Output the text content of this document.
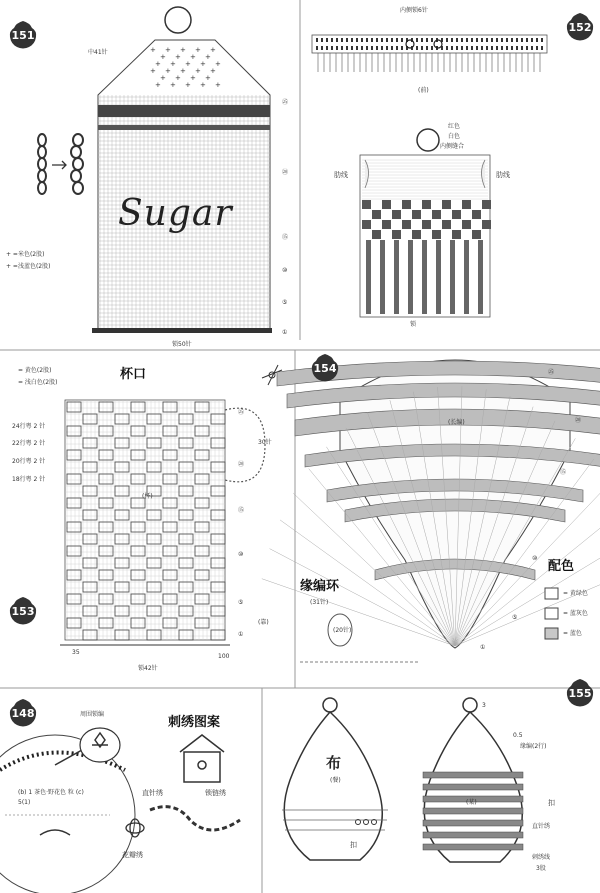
+ + + + +
+ + + +
+ + + + +
+ + + + +
+ + + +
+ + + + +
151
152
153
154
155
148
中41针
Sugar
+ =米色(2股)
+ =浅蓝色(2股)
锁50针
㉕
⑳
⑮
⑩
⑤
①
内侧锁6针
(前)
红色
白色
内侧缝合
肋线	肋线
锁
杯口
= 黄色(2股)
= 浅白色(2股)
24行粤 2 针
22行粤 2 针
20行粤 2 针
18行粤 2 针
30针
(杯)
锁42针
(靠)
35
100
㉕
⑳
⑮
⑩
⑤
①
(长编)
㉕
⑳
⑮
⑩
⑤
①
缘编环
(31针)
(20针)
配色
= 黄绿色
= 蓝灰色
= 蓝色
周围锁编
刺绣图案
直针绣	锁链绣
花瓣绣
(b) 1 茶色·野花色 粒 (c)
5(1)
布
(餐)
扣
扣
3
0.5
缘编(2行)
(某)
直针绣
刺绣线
3股
